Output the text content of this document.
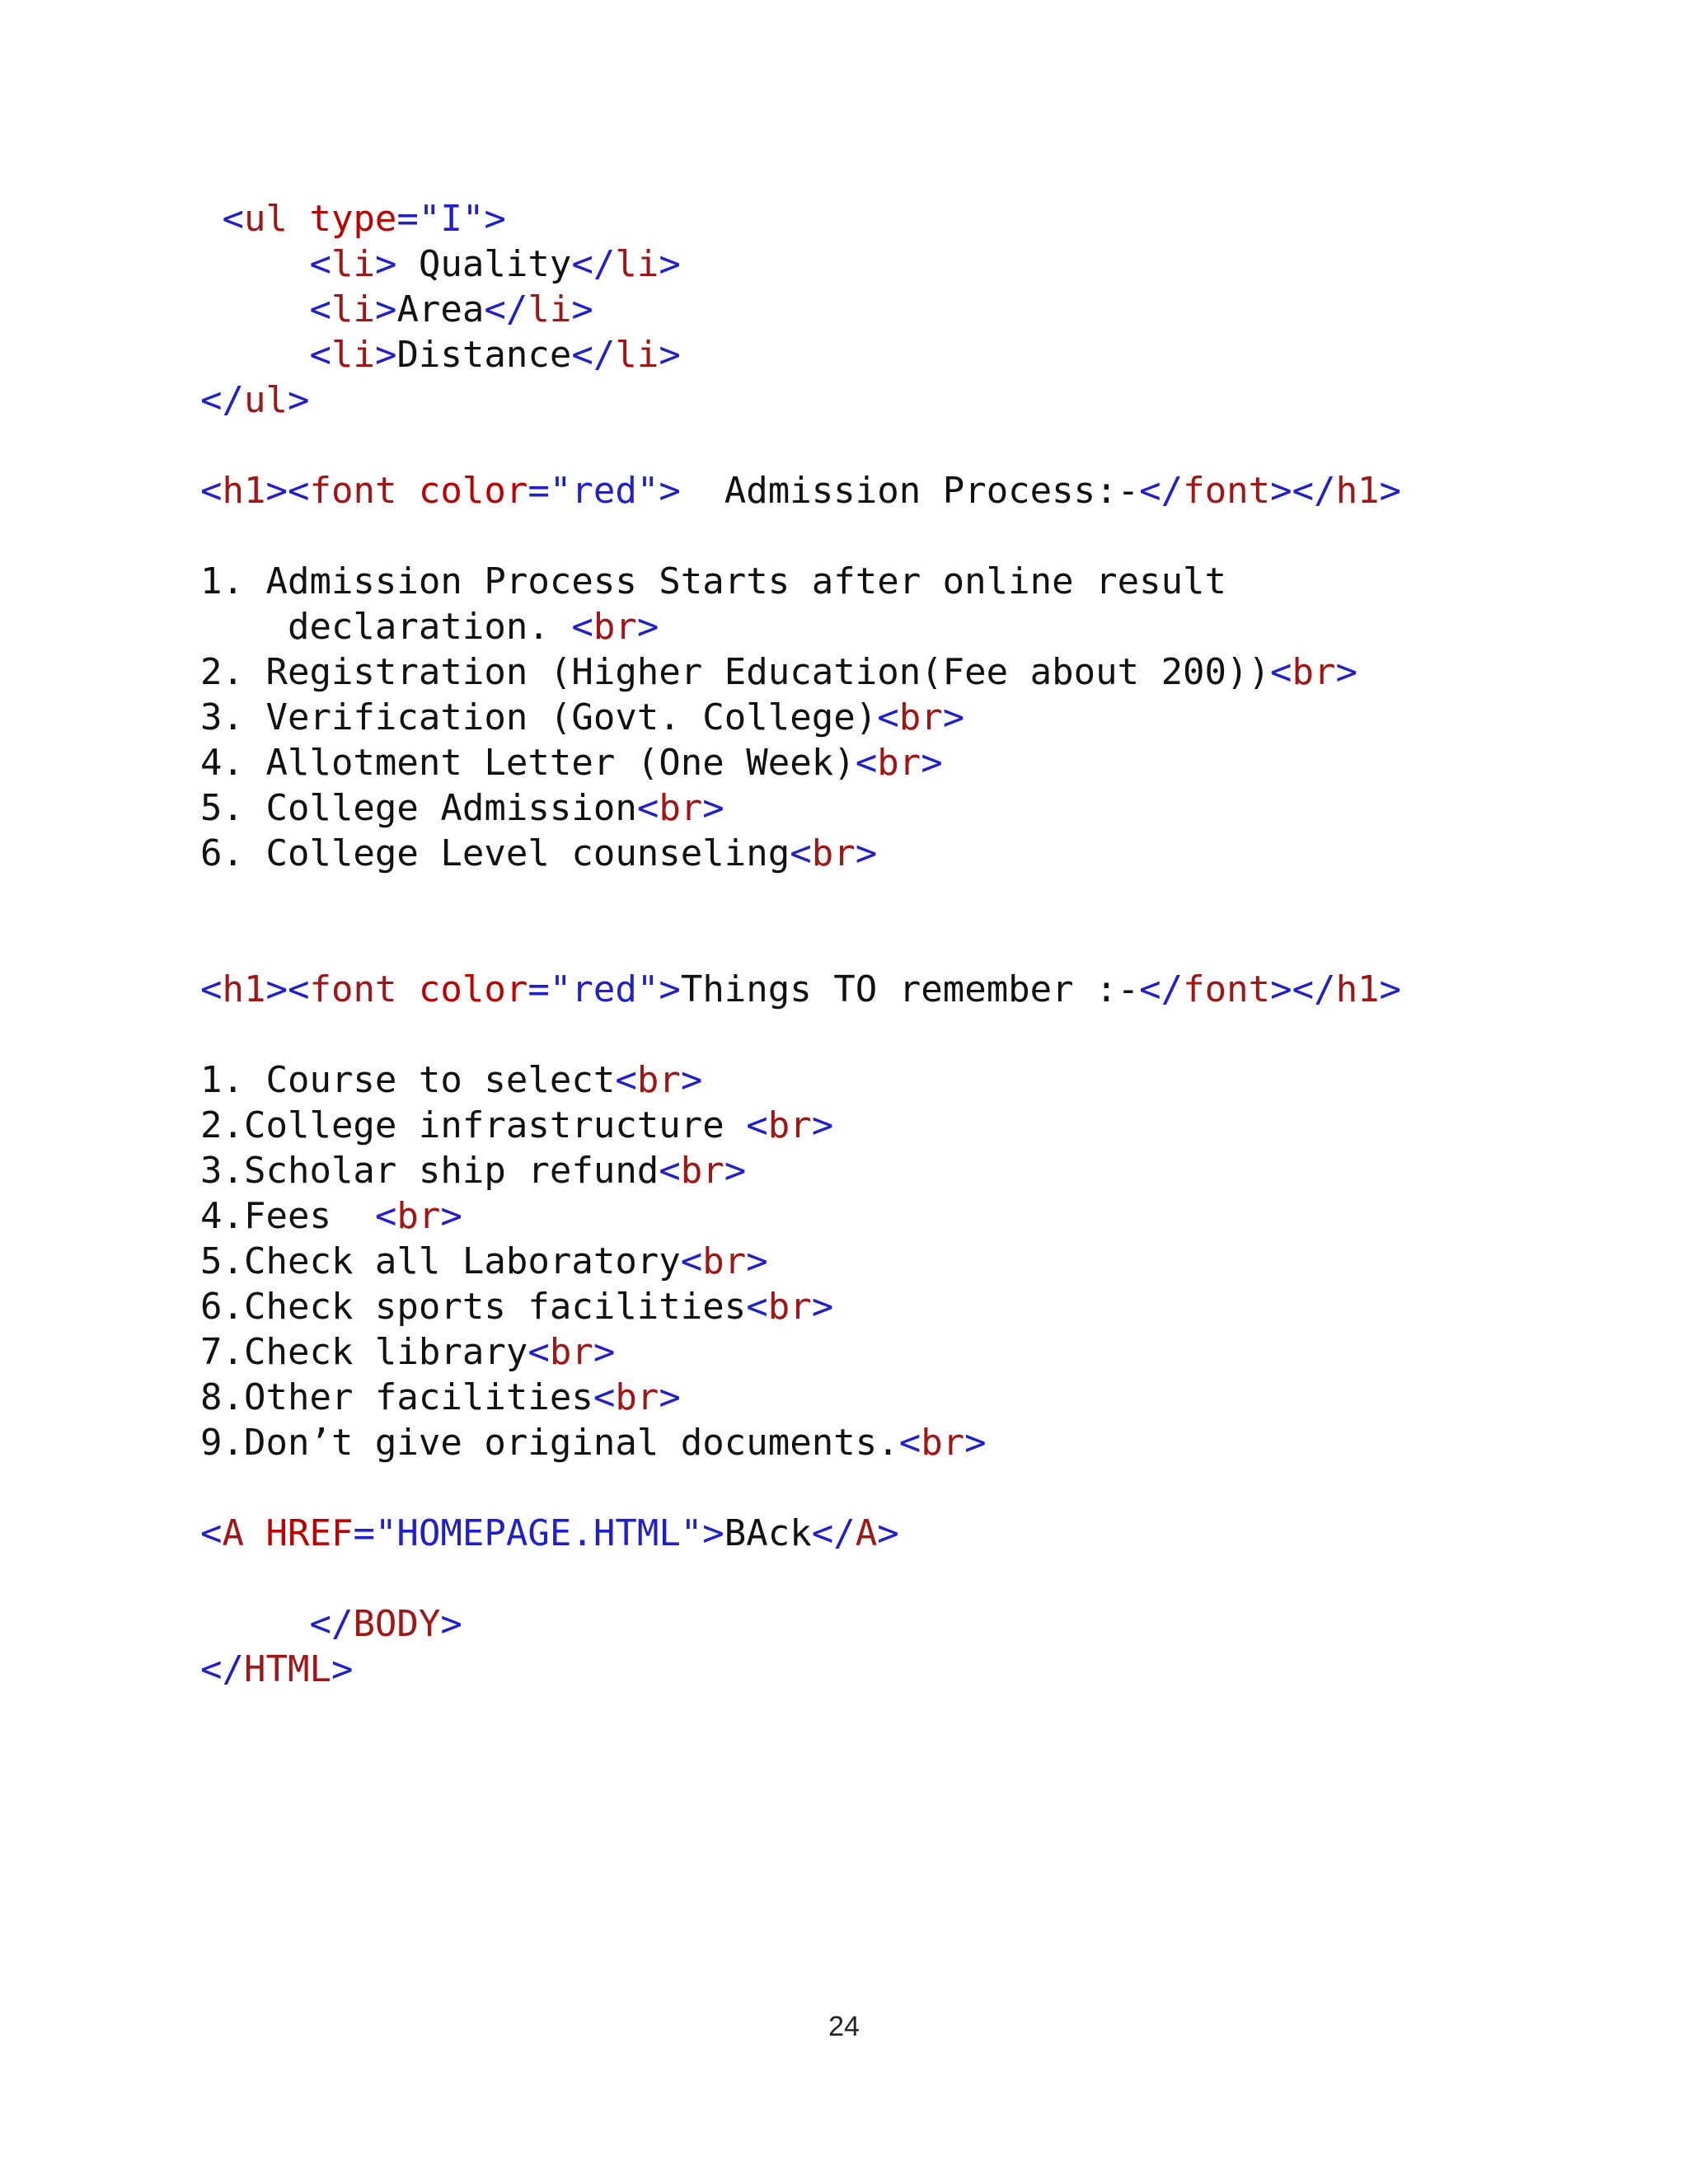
<ul type="I">
<li> Quality</li>
<li>Area</li>
<li>Distance</li>
</ul>
<h1><font color="red">  Admission Process:-</font></h1>
1. Admission Process Starts after online result
declaration. <br>
2. Registration (Higher Education(Fee about 200))<br>
3. Verification (Govt. College)<br>
4. Allotment Letter (One Week)<br>
5. College Admission<br>
6. College Level counseling<br>
<h1><font color="red">Things TO remember :-</font></h1>
1. Course to select<br>
2.College infrastructure <br>
3.Scholar ship refund<br>
4.Fees  <br>
5.Check all Laboratory<br>
6.Check sports facilities<br>
7.Check library<br>
8.Other facilities<br>
9.Don’t give original documents.<br>
<A HREF="HOMEPAGE.HTML">BAck</A>
</BODY>
</HTML>
24
